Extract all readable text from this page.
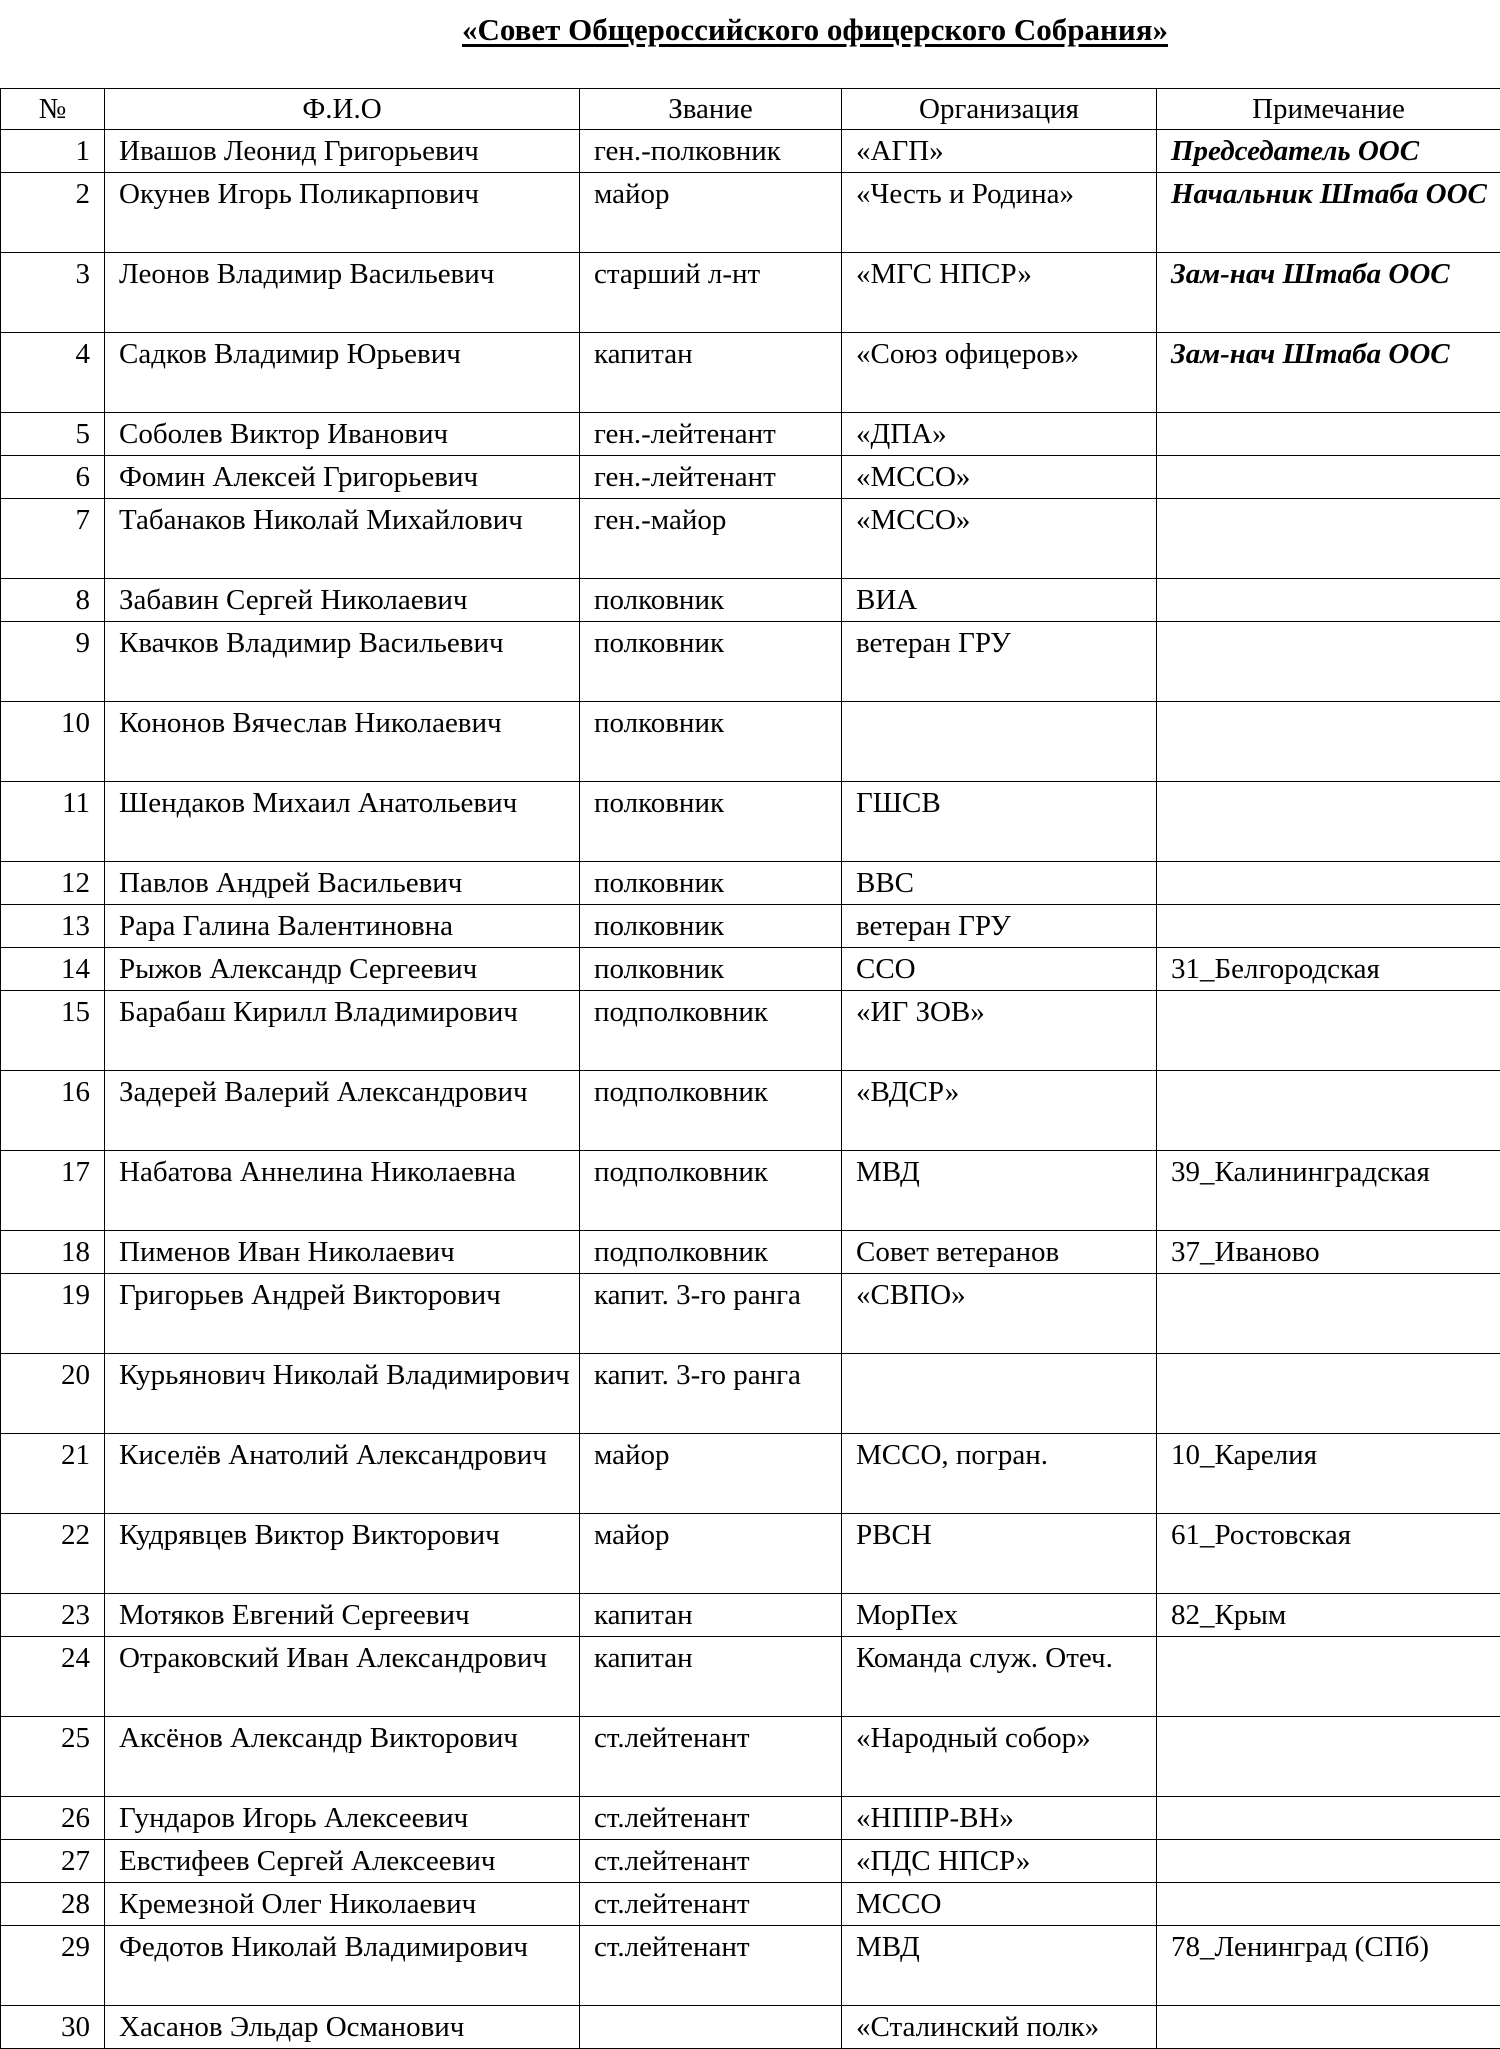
«Совет Общероссийского офицерского Собрания»
№	Ф.И.О	Звание	Организация	Примечание
1	Ивашов Леонид Григорьевич	ген.-полковник	«АГП»	Председатель ООС
2	Окунев Игорь Поликарпович	майор	«Честь и Родина»	Начальник Штаба ООС
3	Леонов Владимир Васильевич	старший л-нт	«МГС НПСР»	Зам-нач Штаба ООС
4	Садков Владимир Юрьевич	капитан	«Союз офицеров»	Зам-нач Штаба ООС
5	Соболев Виктор Иванович	ген.-лейтенант	«ДПА»	
6	Фомин Алексей Григорьевич	ген.-лейтенант	«МССО»	
7	Табанаков Николай Михайлович	ген.-майор	«МССО»	
8	Забавин Сергей Николаевич	полковник	ВИА	
9	Квачков Владимир Васильевич	полковник	ветеран ГРУ	
10	Кононов Вячеслав Николаевич	полковник		
11	Шендаков Михаил Анатольевич	полковник	ГШСВ	
12	Павлов Андрей Васильевич	полковник	ВВС	
13	Рара Галина Валентиновна	полковник	ветеран ГРУ	
14	Рыжов Александр Сергеевич	полковник	ССО	31_Белгородская
15	Барабаш Кирилл Владимирович	подполковник	«ИГ ЗОВ»	
16	Задерей Валерий Александрович	подполковник	«ВДСР»	
17	Набатова Аннелина Николаевна	подполковник	МВД	39_Калининградская
18	Пименов Иван Николаевич	подполковник	Совет ветеранов	37_Иваново
19	Григорьев Андрей Викторович	капит. 3-го ранга	«СВПО»	
20	Курьянович Николай Владимирович	капит. 3-го ранга		
21	Киселёв Анатолий Александрович	майор	МССО, погран.	10_Карелия
22	Кудрявцев Виктор Викторович	майор	РВСН	61_Ростовская
23	Мотяков Евгений Сергеевич	капитан	МорПех	82_Крым
24	Отраковский Иван Александрович	капитан	Команда служ. Отеч.	
25	Аксёнов Александр Викторович	ст.лейтенант	«Народный собор»	
26	Гундаров Игорь Алексеевич	ст.лейтенант	«НППР-ВН»	
27	Евстифеев Сергей Алексеевич	ст.лейтенант	«ПДС НПСР»	
28	Кремезной Олег Николаевич	ст.лейтенант	МССО	
29	Федотов Николай Владимирович	ст.лейтенант	МВД	78_Ленинград (СПб)
30	Хасанов Эльдар Османович		«Сталинский полк»	
